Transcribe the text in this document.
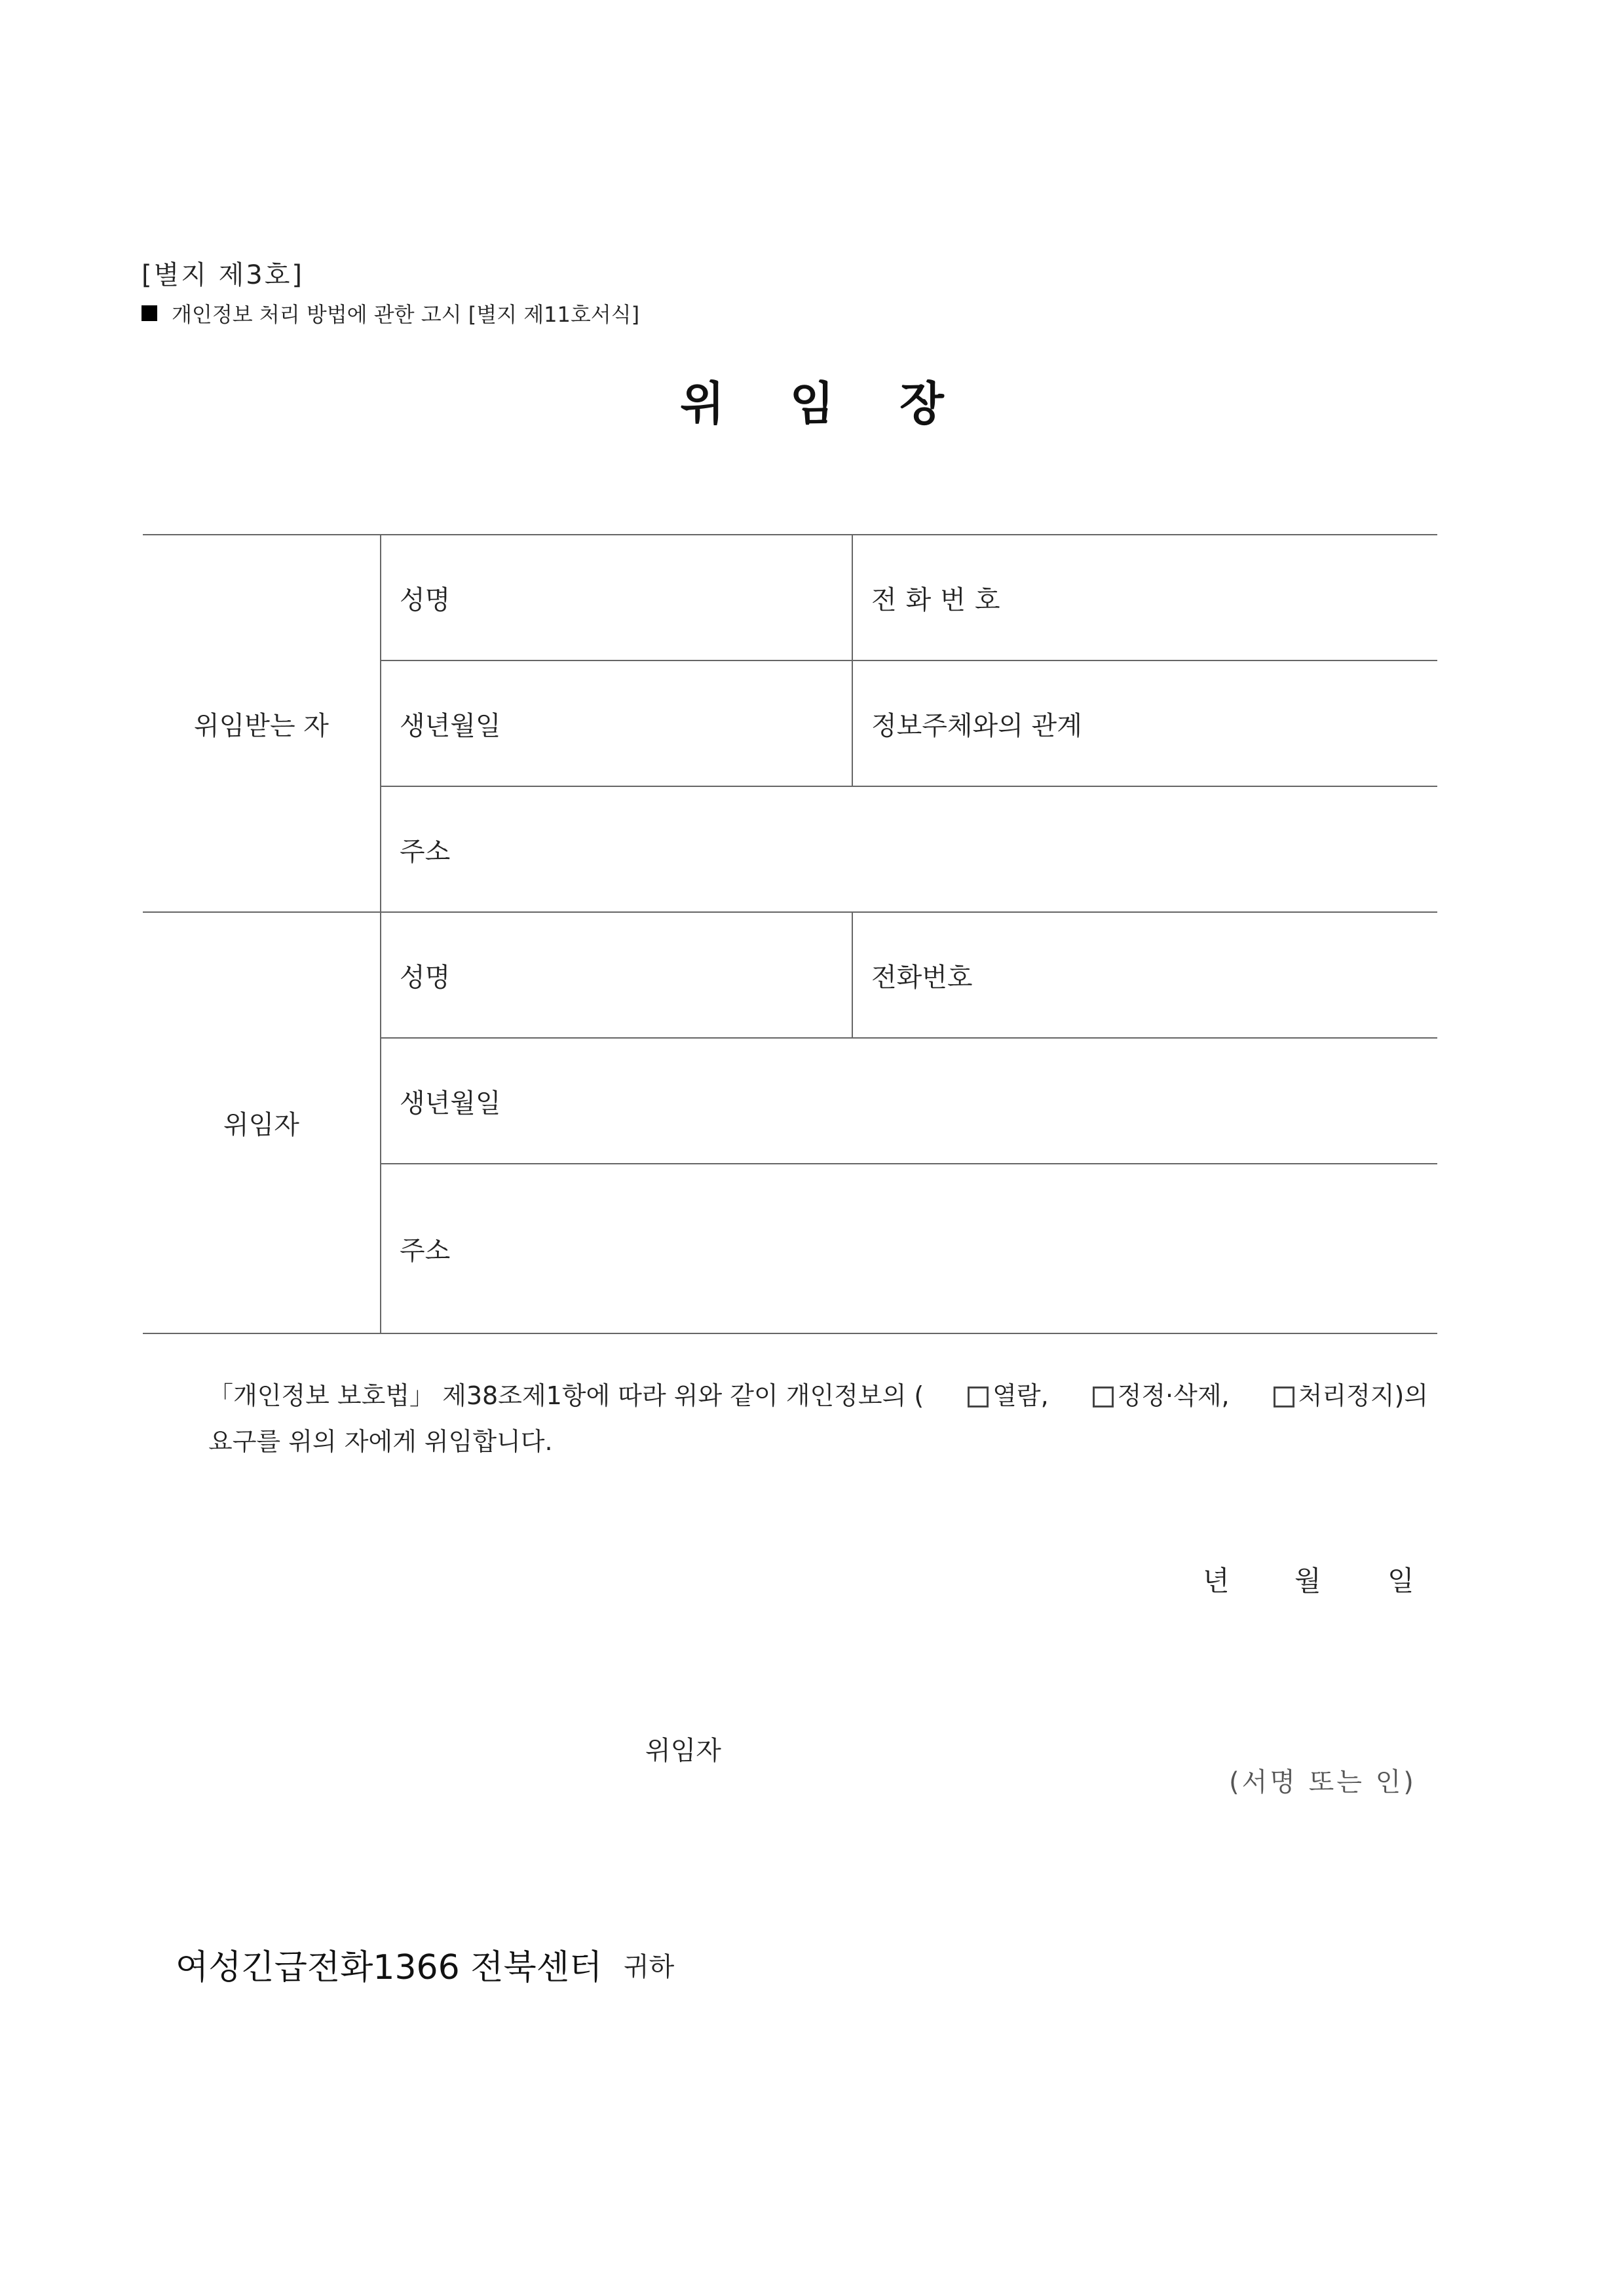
[별지 제3호]
개인정보 처리 방법에 관한 고시 [별지 제11호서식]
위임장
위임받는 자	성명	전화번호
	생년월일	정보주체와의 관계
	주소	
위임자	성명	전화번호
	생년월일	
	주소	
「개인정보 보호법」 제38조제1항에 따라 위와 같이 개인정보의 (	열람,	정정·삭제,	처리정지)의
요구를 위의 자에게 위임합니다.
년 월 일
위임자
(서명 또는 인)
여성긴급전화1366 전북센터 귀하
